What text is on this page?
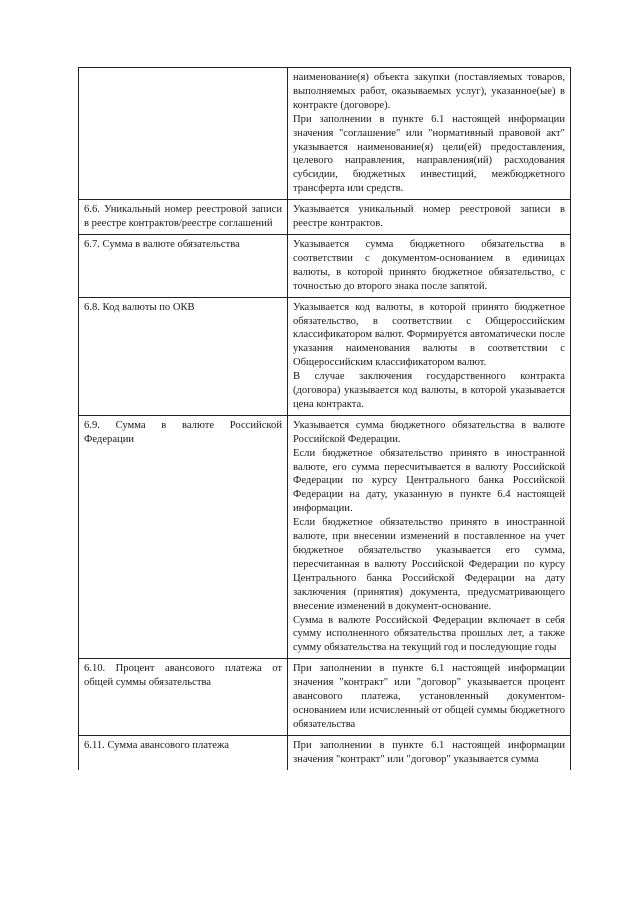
	наименование(я) объекта закупки (поставляемых товаров, выполняемых работ, оказываемых услуг), указанное(ые) в контракте (договоре).

При заполнении в пункте 6.1 настоящей информации значения "соглашение" или "нормативный правовой акт" указывается наименование(я) цели(ей) предоставления, целевого направления, направления(ий) расходования субсидии, бюджетных инвестиций, межбюджетного трансферта или средств.

6.6. Уникальный номер реестровой записи в реестре контрактов/реестре соглашений	Указывается уникальный номер реестровой записи в реестре контрактов.

6.7. Сумма в валюте обязательства	Указывается сумма бюджетного обязательства в соответствии с документом-основанием в единицах валюты, в которой принято бюджетное обязательство, с точностью до второго знака после запятой.

6.8. Код валюты по ОКВ	Указывается код валюты, в которой принято бюджетное обязательство, в соответствии с Общероссийским классификатором валют. Формируется автоматически после указания наименования валюты в соответствии с Общероссийским классификатором валют.

В случае заключения государственного контракта (договора) указывается код валюты, в которой указывается цена контракта.

6.9. Сумма в валюте Российской Федерации	Указывается сумма бюджетного обязательства в валюте Российской Федерации.

Если бюджетное обязательство принято в иностранной валюте, его сумма пересчитывается в валюту Российской Федерации по курсу Центрального банка Российской Федерации на дату, указанную в пункте 6.4 настоящей информации.

Если бюджетное обязательство принято в иностранной валюте, при внесении изменений в поставленное на учет бюджетное обязательство указывается его сумма, пересчитанная в валюту Российской Федерации по курсу Центрального банка Российской Федерации на дату заключения (принятия) документа, предусматривающего внесение изменений в документ-основание.

Сумма в валюте Российской Федерации включает в себя сумму исполненного обязательства прошлых лет, а также сумму обязательства на текущий год и последующие годы

6.10. Процент авансового платежа от общей суммы обязательства	При заполнении в пункте 6.1 настоящей информации значения "контракт" или "договор" указывается процент авансового платежа, установленный документом-основанием или исчисленный от общей суммы бюджетного обязательства

6.11. Сумма авансового платежа	При заполнении в пункте 6.1 настоящей информации значения "контракт" или "договор" указывается сумма
